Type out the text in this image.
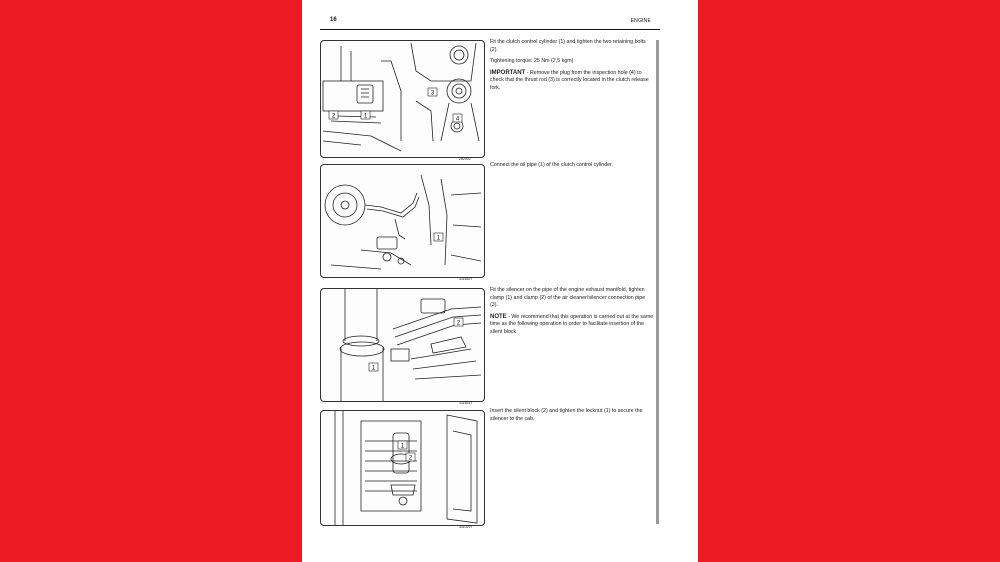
16	ENGINE
2	1
3
4
282902
1
311632T
1
2
311631T
1
2
311029T

Fit the clutch control cylinder (1) and tighten the two retaining bolts (2).

Tightening torque: 25 Nm (2,5 kgm)

IMPORTANT - Remove the plug from the inspection hole (4) to check that the thrust rod (3) is correctly located in the clutch release fork.

Connect the oil pipe (1) of the clutch control cylinder.

Fit the silencer on the pipe of the engine exhaust manifold, tighten clamp (1) and clamp (2) of the air cleaner/silencer connection pipe (3).

NOTE - We recommend that this operation is carried out at the same time as the following operation in order to facilitate insertion of the silent block.

Insert the silent block (2) and tighten the locknut (1) to secure the silencer to the cab.
